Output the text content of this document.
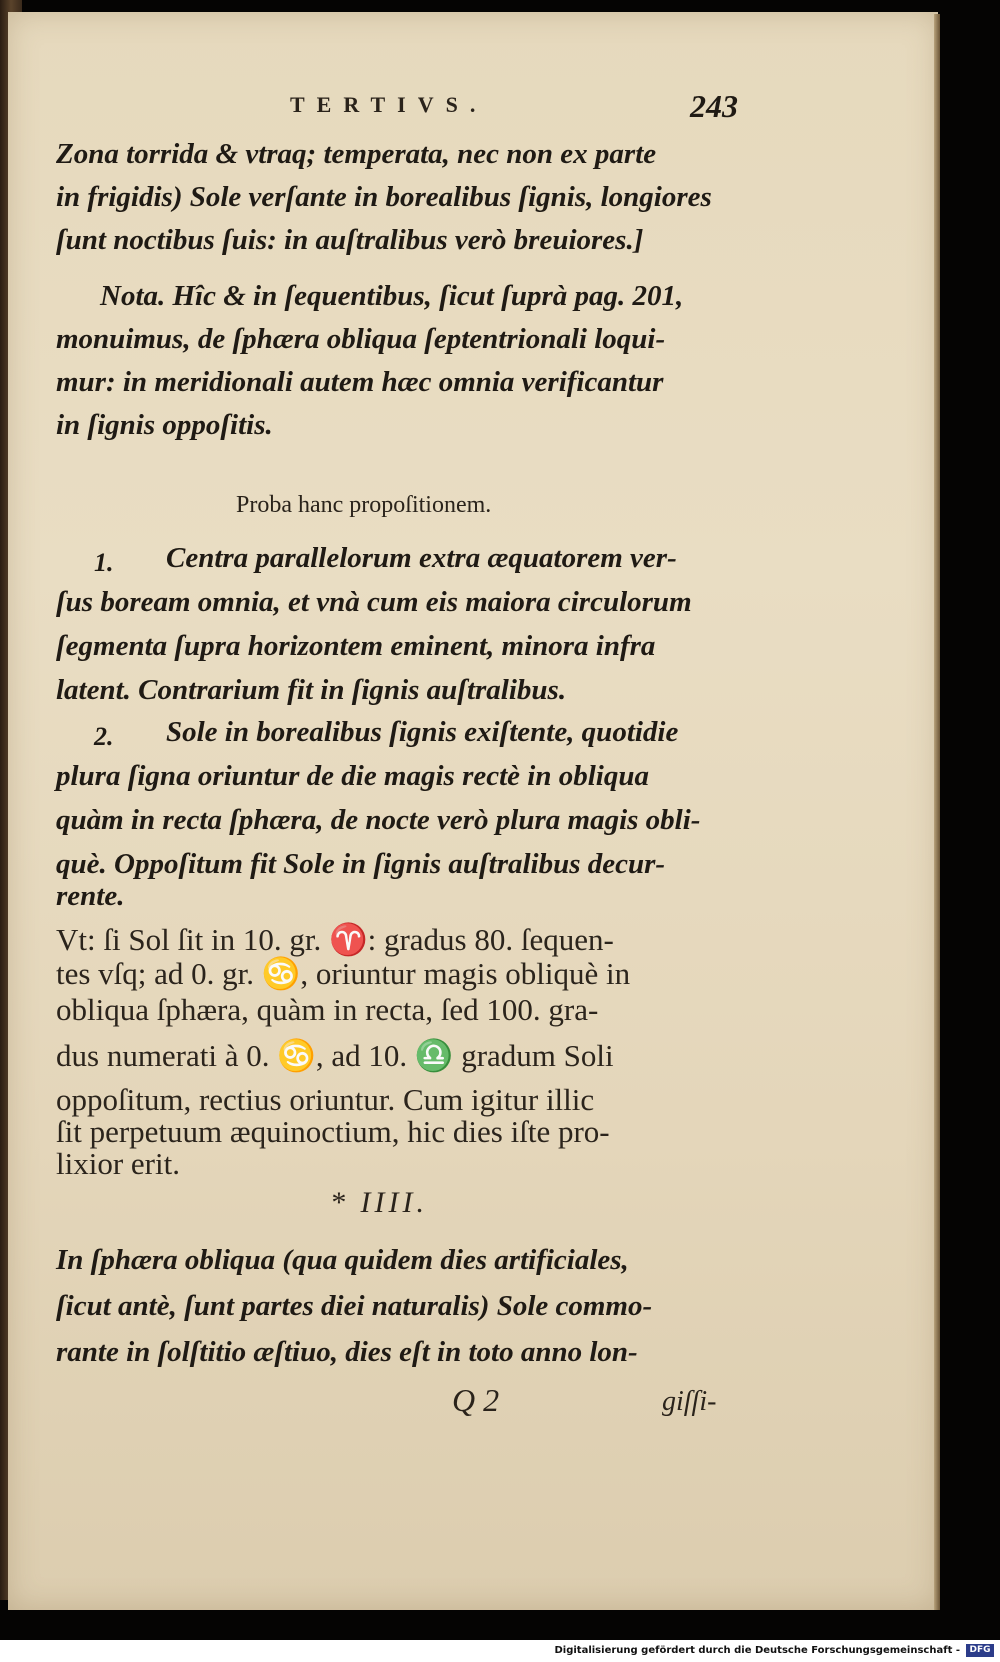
TERTIVS.	243
Zona torrida & vtraq; temperata, nec non ex parte
in frigidis) Sole verſante in borealibus ſignis, longiores
ſunt noctibus ſuis: in auſtralibus verò breuiores.]
Nota. Hîc & in ſequentibus, ſicut ſuprà pag. 201,
monuimus, de ſphæra obliqua ſeptentrionali loqui-
mur: in meridionali autem hæc omnia verificantur
in ſignis oppoſitis.
Proba hanc propoſitionem.
1. Centra parallelorum extra æquatorem ver-
ſus boream omnia, et vnà cum eis maiora circulorum
ſegmenta ſupra horizontem eminent, minora infra
latent. Contrarium fit in ſignis auſtralibus.
2. Sole in borealibus ſignis exiſtente, quotidie
plura ſigna oriuntur de die magis rectè in obliqua
quàm in recta ſphæra, de nocte verò plura magis obli-
què. Oppoſitum fit Sole in ſignis auſtralibus decur-
rente.
Vt: ſi Sol ſit in 10. gr. ♈: gradus 80. ſequen-
tes vſq; ad 0. gr. ♋, oriuntur magis obliquè in
obliqua ſphæra, quàm in recta, ſed 100. gra-
dus numerati à 0. ♋, ad 10. ♎ gradum Soli
oppoſitum, rectius oriuntur. Cum igitur illic
ſit perpetuum æquinoctium, hic dies iſte pro-
lixior erit.
* IIII.
In ſphæra obliqua (qua quidem dies artificiales,
ſicut antè, ſunt partes diei naturalis) Sole commo-
rante in ſolſtitio æſtiuo, dies eſt in toto anno lon-
Q 2	giſſi-
Digitalisierung gefördert durch die Deutsche Forschungsgemeinschaft -	DFG
